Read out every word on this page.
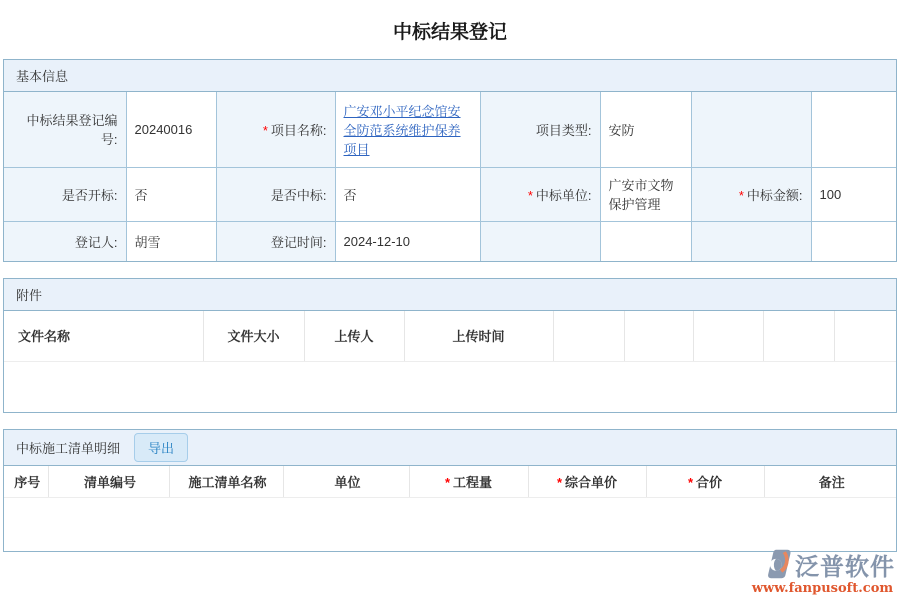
中标结果登记
基本信息
中标结果登记编号:	20240016	* 项目名称:	广安邓小平纪念馆安全防范系统维护保养项目	项目类型:	安防		
是否开标:	否	是否中标:	否	* 中标单位:	广安市文物保护管理	* 中标金额:	100
登记人:	胡雪	登记时间:	2024-12-10				
附件
文件名称	文件大小	上传人	上传时间					
中标施工清单明细	导出
序号	清单编号	施工清单名称	单位	* 工程量	* 综合单价	* 合价	备注
泛普软件
www.fanpusoft.com
